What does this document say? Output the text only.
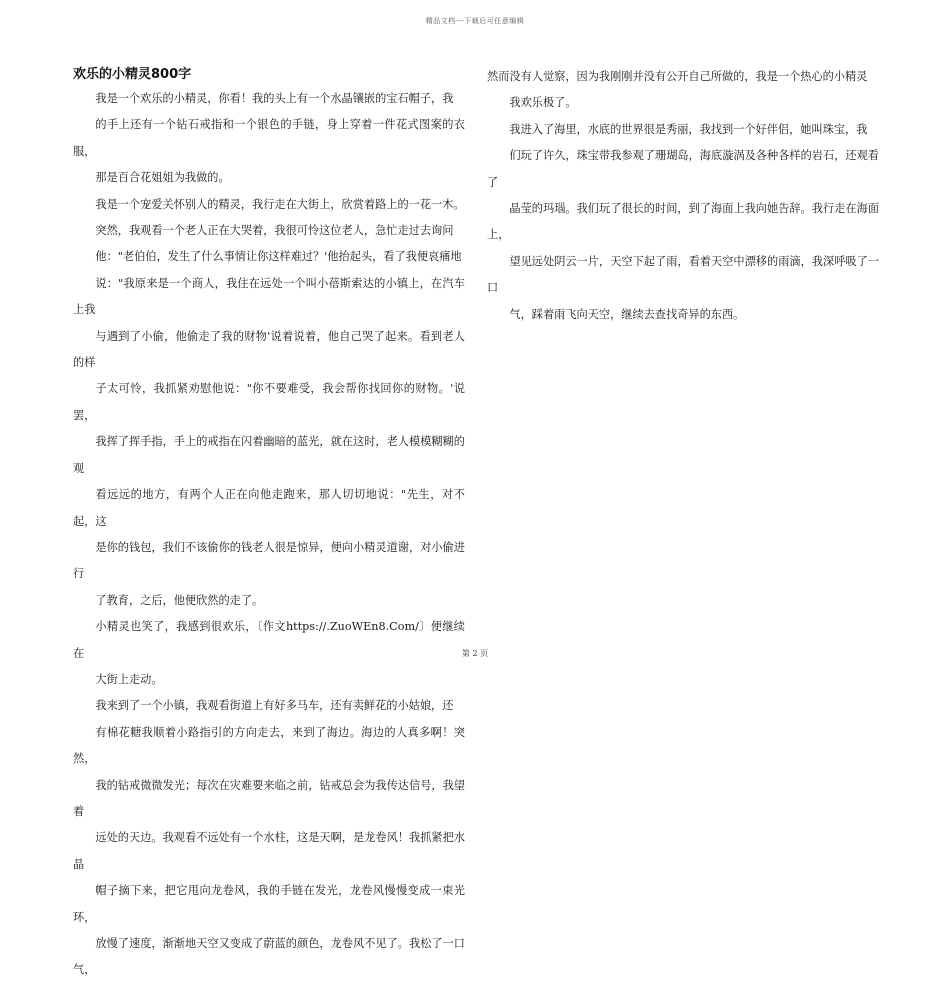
精品文档---下载后可任意编辑
欢乐的小精灵800字

我是一个欢乐的小精灵，你看！我的头上有一个水晶镶嵌的宝石帽子，我
的手上还有一个钻石戒指和一个银色的手链，身上穿着一件花式图案的衣服，
那是百合花姐姐为我做的。

我是一个宠爱关怀别人的精灵，我行走在大街上，欣赏着路上的一花一木。
突然，我观看一个老人正在大哭着，我很可怜这位老人，急忙走过去询问
他："老伯伯，发生了什么事情让你这样难过？'他抬起头，看了我便哀痛地
说："我原来是一个商人，我住在远处一个叫小蓓斯索达的小镇上，在汽车上我
与遇到了小偷，他偷走了我的财物'说着说着，他自己哭了起来。看到老人的样
子太可怜，我抓紧劝慰他说："你不要难受，我会帮你找回你的财物。'说罢，
我挥了挥手指，手上的戒指在闪着幽暗的蓝光，就在这时，老人模模糊糊的观
看远远的地方，有两个人正在向他走跑来，那人切切地说："先生，对不起，这
是你的钱包，我们不该偷你的钱老人很是惊异，便向小精灵道谢，对小偷进行
了教育，之后，他便欣然的走了。

小精灵也笑了，我感到很欢乐，〔作文https://.ZuoWEn8.Com/〕便继续在
大街上走动。

我来到了一个小镇，我观看街道上有好多马车，还有卖鲜花的小姑娘，还
有棉花糖我顺着小路指引的方向走去，来到了海边。海边的人真多啊！突然，
我的钻戒微微发光；每次在灾难要来临之前，钻戒总会为我传达信号，我望着
远处的天边。我观看不远处有一个水柱，这是天啊，是龙卷风！我抓紧把水晶
帽子摘下来，把它甩向龙卷风，我的手链在发光，龙卷风慢慢变成一束光环，
放慢了速度，渐渐地天空又变成了蔚蓝的颜色，龙卷风不见了。我松了一口气，

然而没有人觉察，因为我刚刚并没有公开自己所做的，我是一个热心的小精灵

我欢乐极了。

我进入了海里，水底的世界很是秀丽，我找到一个好伴侣，她叫珠宝，我
们玩了许久，珠宝带我参观了珊瑚岛，海底漩涡及各种各样的岩石，还观看了
晶莹的玛瑙。我们玩了很长的时间，到了海面上我向她告辞。我行走在海面上，
望见远处阴云一片，天空下起了雨，看着天空中漂移的雨滴，我深呼吸了一口
气，踩着雨飞向天空，继续去查找奇异的东西。

第 2 页
